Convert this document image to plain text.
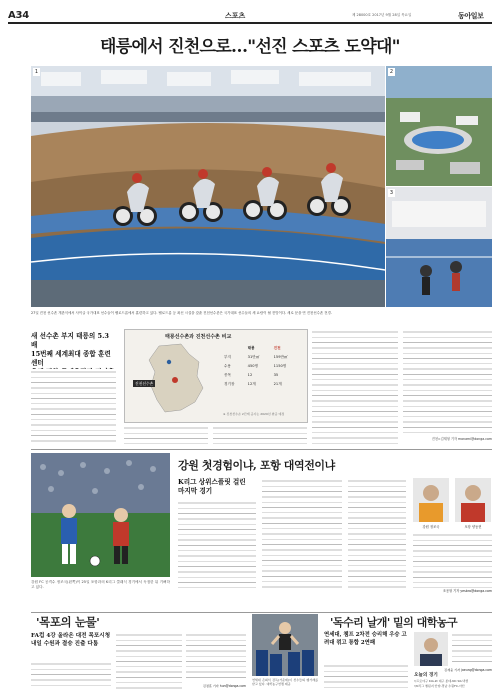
A34	스포츠	제 28000호 2017년 9월 28일 목요일	동아일보
태릉에서 진천으로…"선진 스포츠 도약대"
1	2
3
27일 진천 선수촌 개촌식에서 사이클 국가대표 선수들이 벨로드롬에서 훈련하고 있다. 벨로드롬 등 최신 시설을 갖춘 진천선수촌은 국가대표 선수들의 새 요람이 될 전망이다. 새로 문을 연 진천선수촌 전경.
새 선수촌 부지 태릉의 5.3배
15번째 세계최대 종합 훈련센터
태릉선수촌과 진천선수촌 비교
진천선수촌
	태릉	진천
부지	31만㎡	159만㎡
수용	450명	1150명
종목	12	35
경기장	12개	21개
※ 진천선수촌 2단계 공사는 2020년 완공 예정
진천=김재형 기자 monami@donga.com
강원 FC 공격수 정조국(왼쪽)이 25일 포항과의 K리그 클래식 경기에서 득점한 뒤 기뻐하고 있다.
강원 첫경험이냐, 포항 대역전이냐
K리그 상위스플릿 걸린 마지막 경기
강원 정조국	포항 양동현
조응형 기자 yesbro@donga.com
'목포의 눈물'
FA컵 4강 올라온 대전 목포시청 내일 수원과 결승 진출 다툼
김정훈 기자 hun@donga.com
연세대 은희석 감독(가운데)이 선수들의 헹가래를 받고 있다. 대학농구연맹 제공
'독수리 날개' 밑의 대학농구
연세대, 챔프 2차전 승리해 우승 고려대 꺾고 통합 2연패
김재웅 기자 jaeung@donga.com
오늘의 경기
▽프로야구 KIA-kt 대구 롯데-NC SK-넥센
▽K리그 챌린지 안양-경남 수원FC-아산
